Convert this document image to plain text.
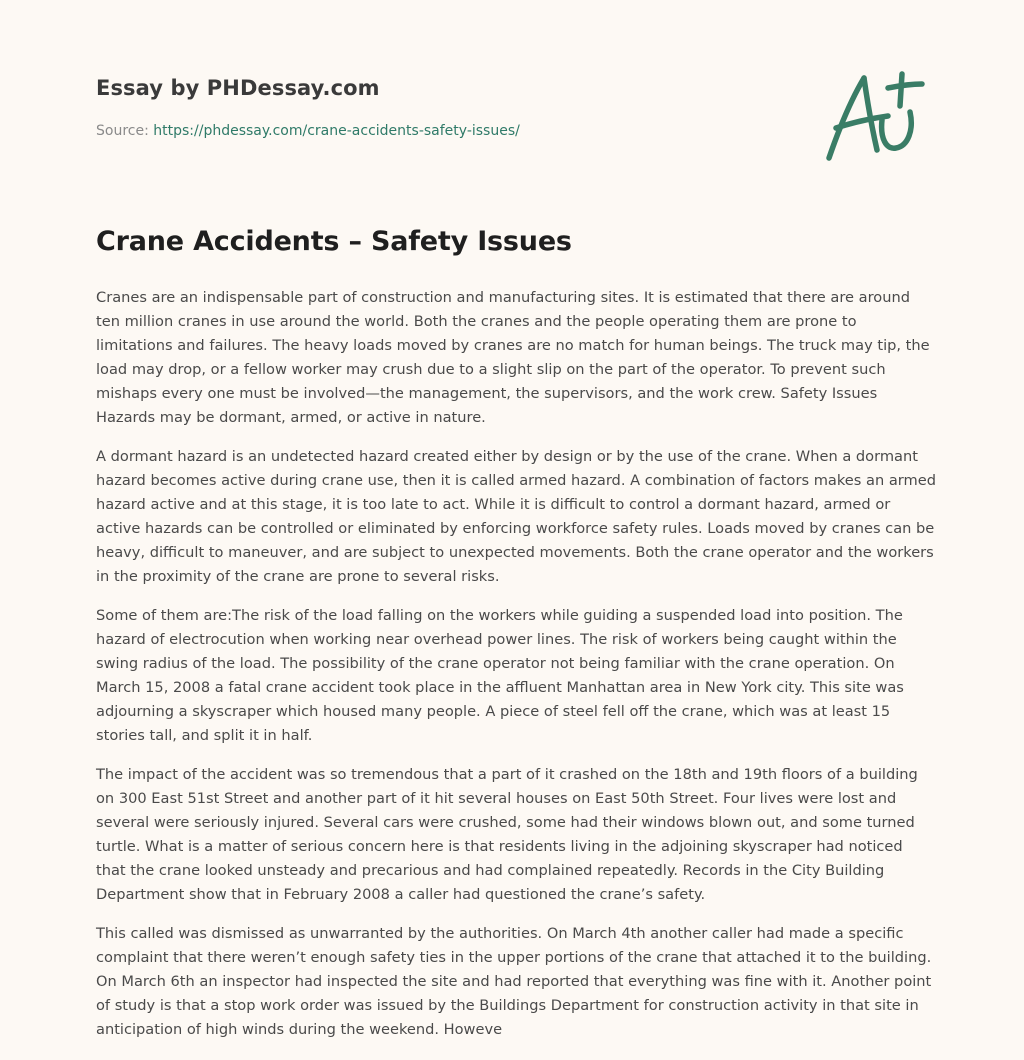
Essay by PHDessay.com
Source: https://phdessay.com/crane-accidents-safety-issues/
Crane Accidents – Safety Issues

Cranes are an indispensable part of construction and manufacturing sites. It is estimated that there are around ten million cranes in use around the world. Both the cranes and the people operating them are prone to limitations and failures. The heavy loads moved by cranes are no match for human beings. The truck may tip, the load may drop, or a fellow worker may crush due to a slight slip on the part of the operator. To prevent such mishaps every one must be involved—the management, the supervisors, and the work crew. Safety Issues Hazards may be dormant, armed, or active in nature.

A dormant hazard is an undetected hazard created either by design or by the use of the crane. When a dormant hazard becomes active during crane use, then it is called armed hazard. A combination of factors makes an armed hazard active and at this stage, it is too late to act. While it is difficult to control a dormant hazard, armed or active hazards can be controlled or eliminated by enforcing workforce safety rules. Loads moved by cranes can be heavy, difficult to maneuver, and are subject to unexpected movements. Both the crane operator and the workers in the proximity of the crane are prone to several risks.

Some of them are:The risk of the load falling on the workers while guiding a suspended load into position. The hazard of electrocution when working near overhead power lines. The risk of workers being caught within the swing radius of the load. The possibility of the crane operator not being familiar with the crane operation. On March 15, 2008 a fatal crane accident took place in the affluent Manhattan area in New York city. This site was adjourning a skyscraper which housed many people. A piece of steel fell off the crane, which was at least 15 stories tall, and split it in half.

The impact of the accident was so tremendous that a part of it crashed on the 18th and 19th floors of a building on 300 East 51st Street and another part of it hit several houses on East 50th Street. Four lives were lost and several were seriously injured. Several cars were crushed, some had their windows blown out, and some turned turtle. What is a matter of serious concern here is that residents living in the adjoining skyscraper had noticed that the crane looked unsteady and precarious and had complained repeatedly. Records in the City Building Department show that in February 2008 a caller had questioned the crane’s safety.

This called was dismissed as unwarranted by the authorities. On March 4th another caller had made a specific complaint that there weren’t enough safety ties in the upper portions of the crane that attached it to the building. On March 6th an inspector had inspected the site and had reported that everything was fine with it. Another point of study is that a stop work order was issued by the Buildings Department for construction activity in that site in anticipation of high winds during the weekend. Howeve
